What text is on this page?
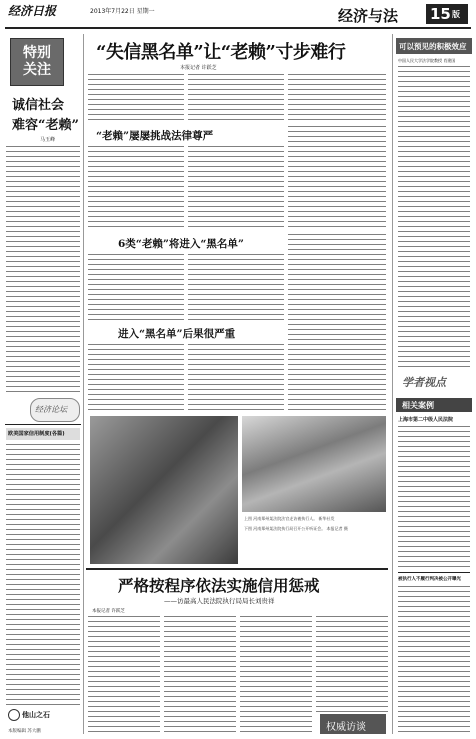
经济日报	2013年7月22日 星期一	经济与法 15 版
特别关注
诚信社会
难容“老赖”
马玉峰
经济论坛
欧美国家信用制度(各篇)
他山之石
本版编辑 苏大鹏
“失信黑名单”让“老赖”寸步难行
本报记者 许跃芝
“老赖”屡屡挑战法律尊严
6类“老赖”将进入“黑名单”
进入“黑名单”后果很严重
上图 河南郑州某法院法官走访被执行人。 新华社发
下图 河南郑州某法院执行局召开公开听证会。 本报记者 摄
严格按程序依法实施信用惩戒
——访最高人民法院执行局局长刘贵祥
本报记者 许跃芝
权威访谈
可以预见的积极效应
中国人民大学法学院教授 肖建国
学者视点
相关案例
上海市第二中级人民法院
被执行人不履行判决被公开曝光
